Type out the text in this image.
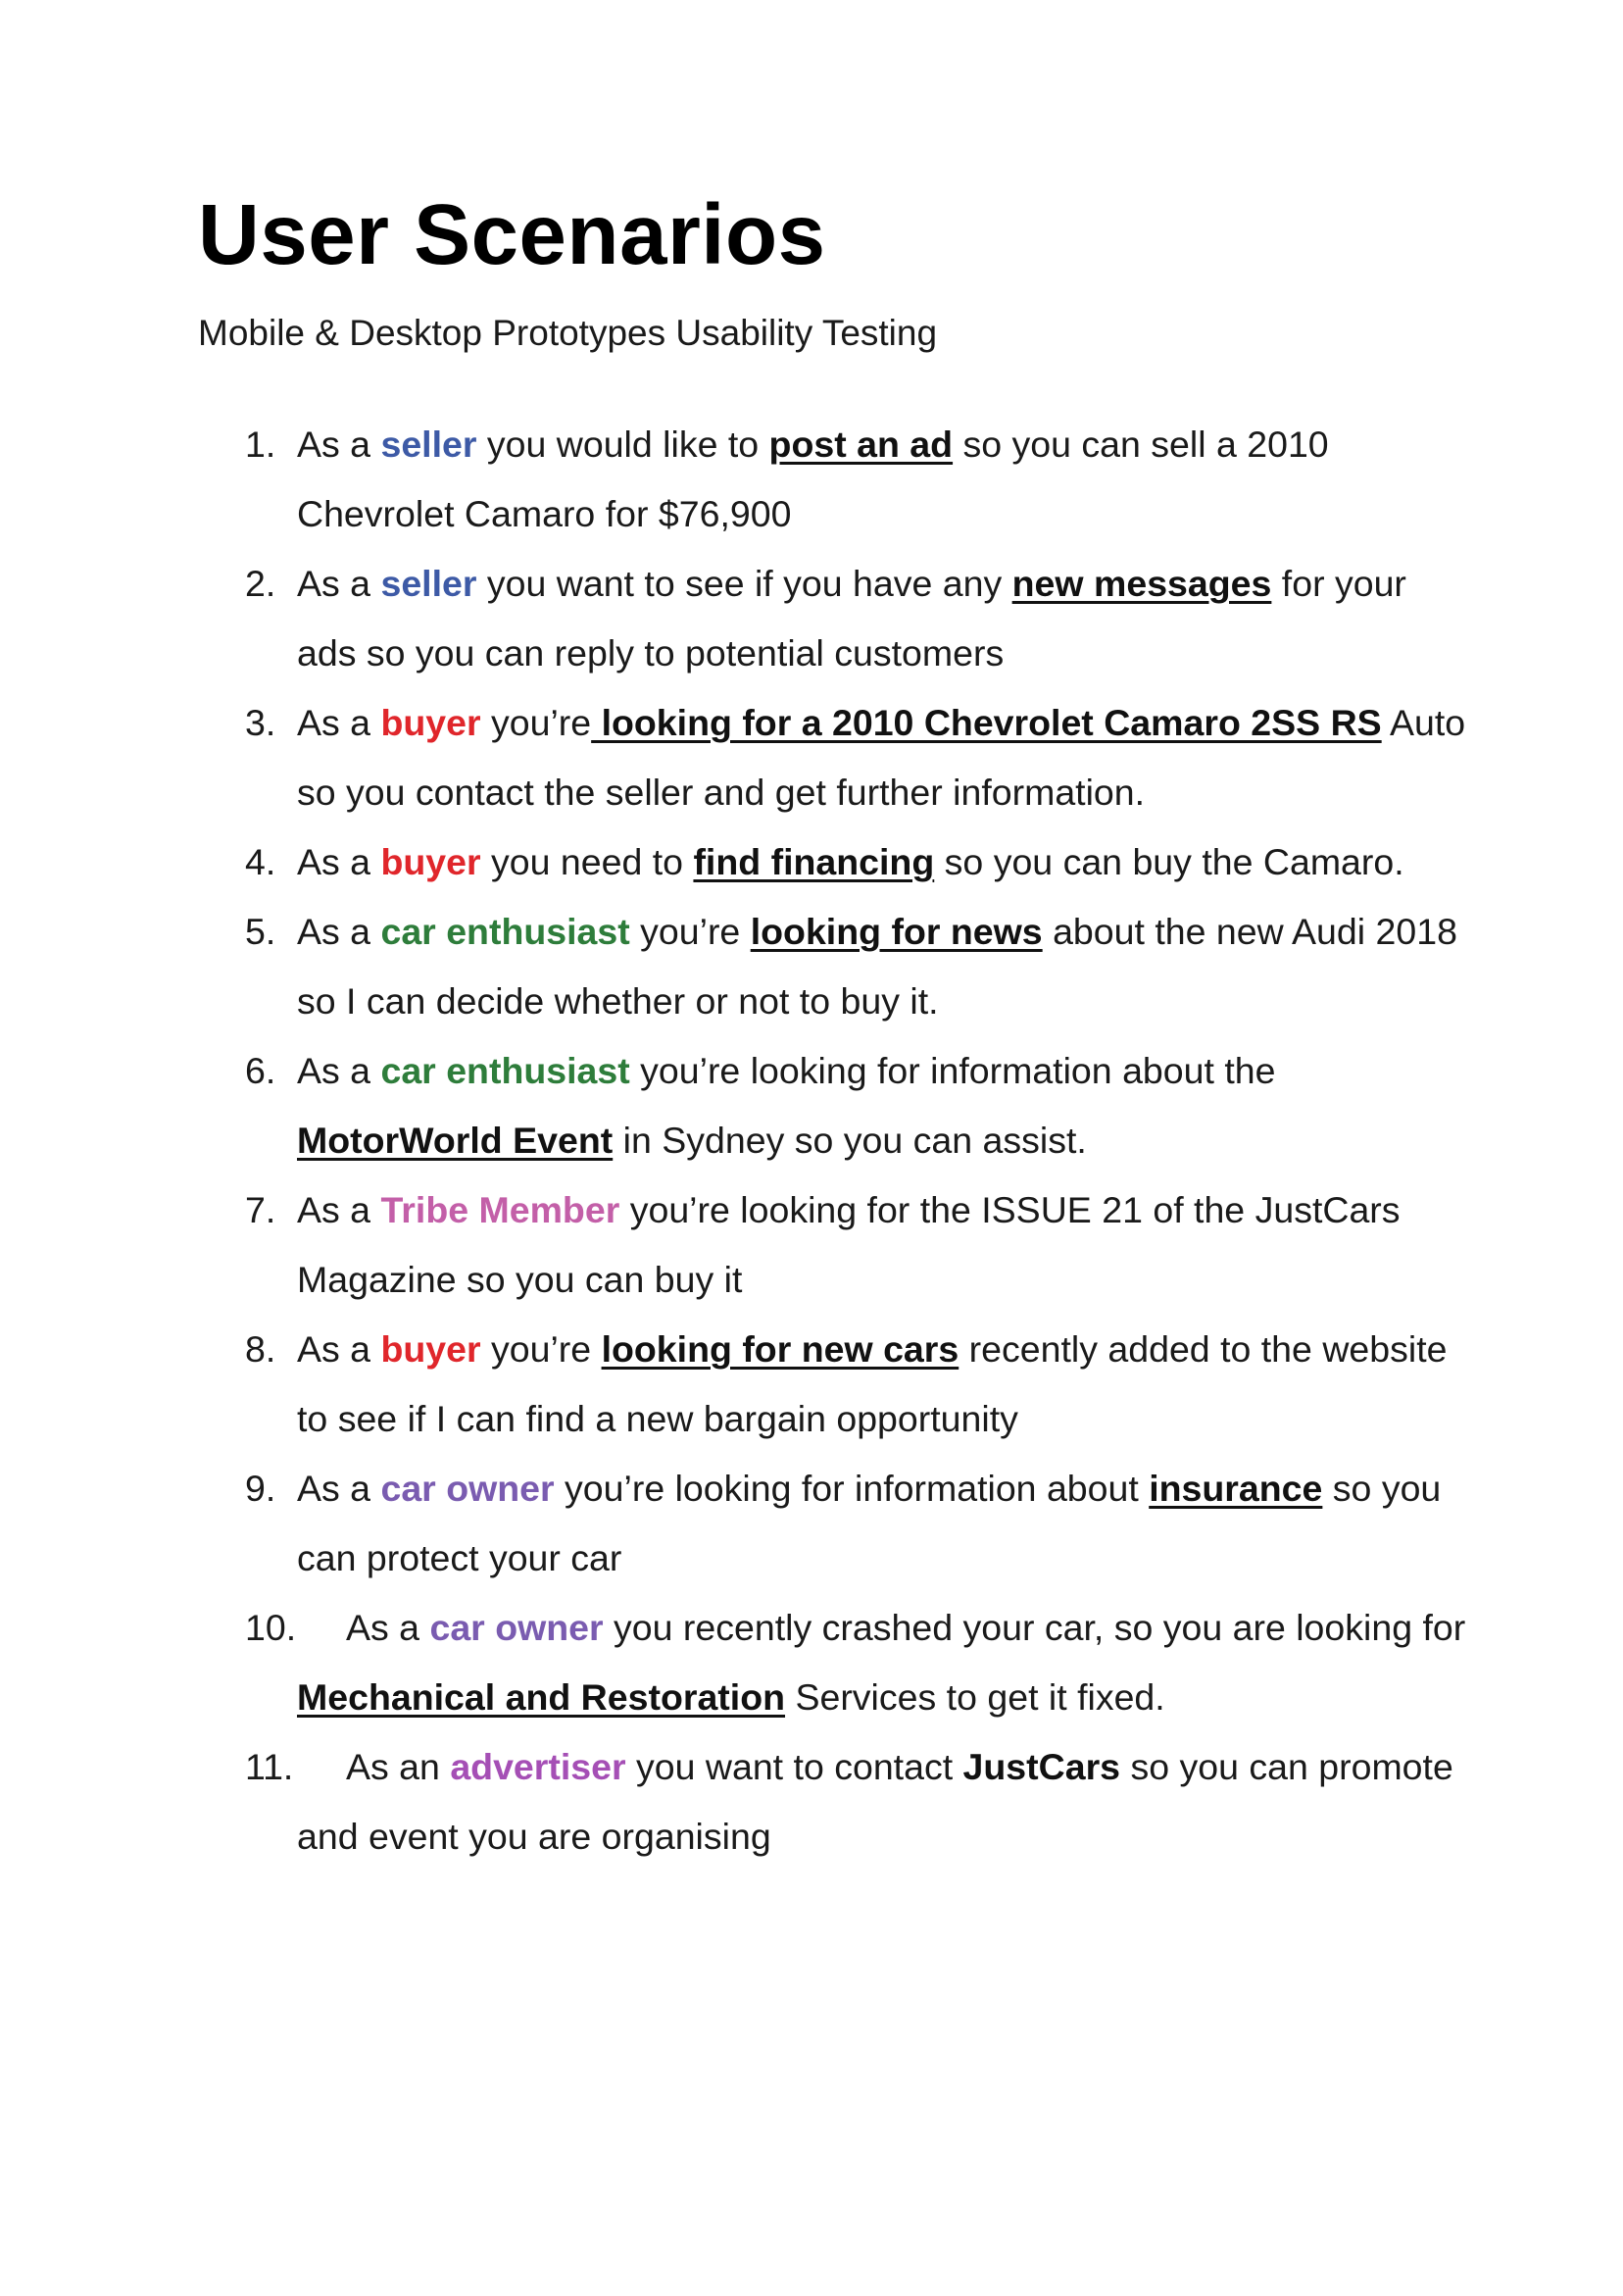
User Scenarios

Mobile & Desktop Prototypes Usability Testing

1. As a seller you would like to post an ad so you can sell a 2010 Chevrolet Camaro for $76,900
2. As a seller you want to see if you have any new messages for your ads so you can reply to potential customers
3. As a buyer you’re looking for a 2010 Chevrolet Camaro 2SS RS Auto so you contact the seller and get further information.
4. As a buyer you need to find financing so you can buy the Camaro.
5. As a car enthusiast you’re looking for news about the new Audi 2018 so I can decide whether or not to buy it.
6. As a car enthusiast you’re looking for information about the MotorWorld Event in Sydney so you can assist.
7. As a Tribe Member you’re looking for the ISSUE 21 of the JustCars Magazine so you can buy it
8. As a buyer you’re looking for new cars recently added to the website to see if I can find a new bargain opportunity
9. As a car owner you’re looking for information about insurance so you can protect your car
10. As a car owner you recently crashed your car, so you are looking for Mechanical and Restoration Services to get it fixed.
11. As an advertiser you want to contact JustCars so you can promote and event you are organising
